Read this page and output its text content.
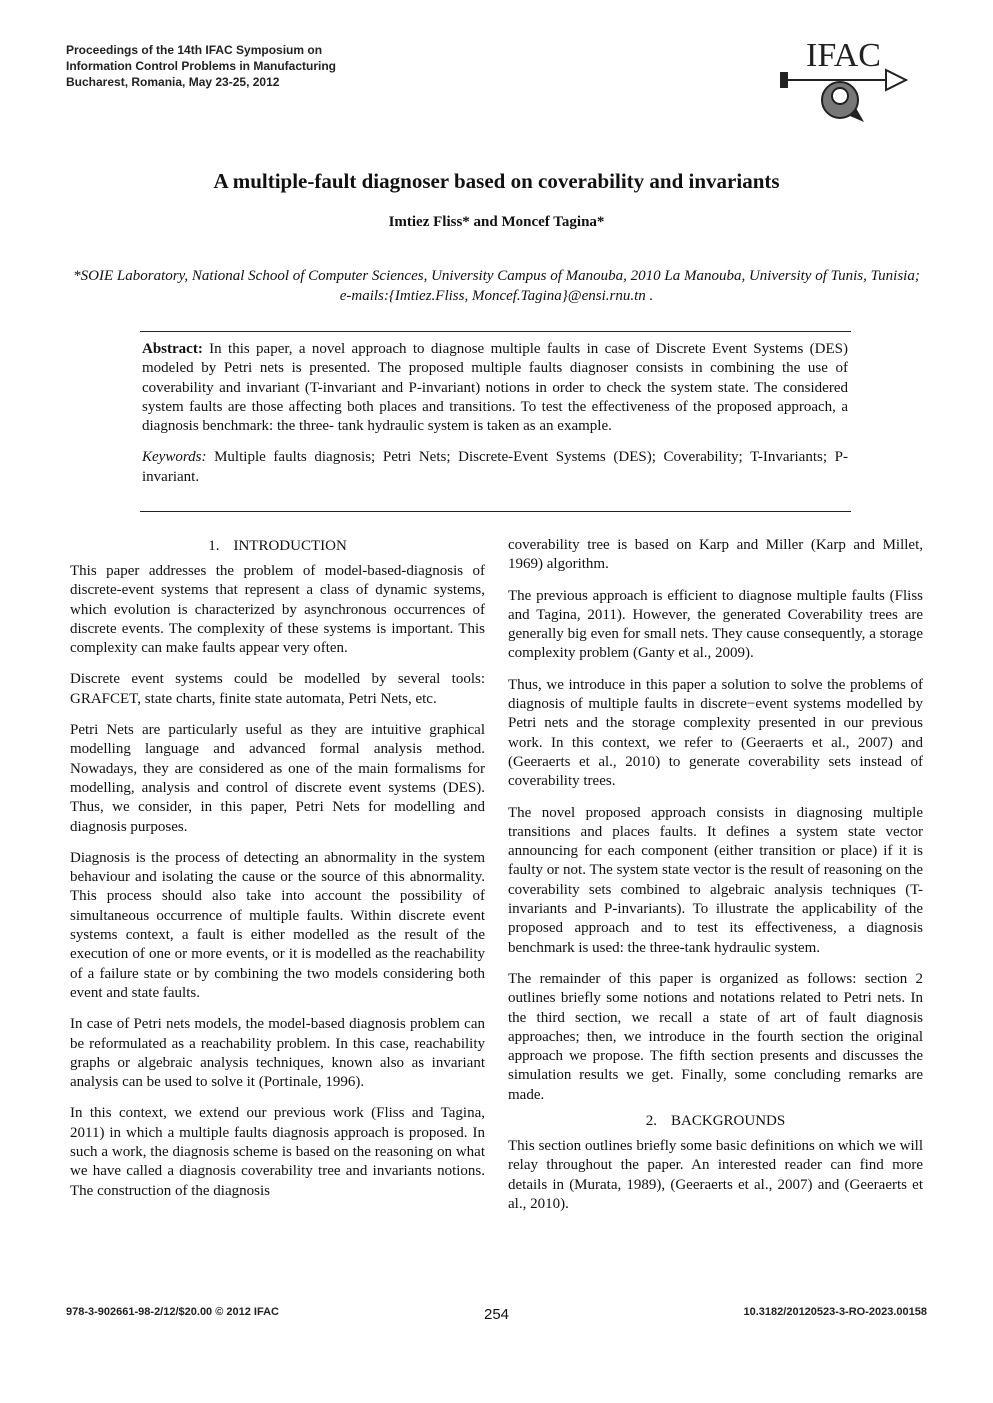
Proceedings of the 14th IFAC Symposium on
Information Control Problems in Manufacturing
Bucharest, Romania, May 23-25, 2012
IFAC
A multiple-fault diagnoser based on coverability and invariants
Imtiez Fliss* and Moncef Tagina*
*SOIE Laboratory, National School of Computer Sciences, University Campus of Manouba, 2010 La Manouba, University of Tunis, Tunisia; e-mails:{Imtiez.Fliss, Moncef.Tagina}@ensi.rnu.tn .

Abstract: In this paper, a novel approach to diagnose multiple faults in case of Discrete Event Systems (DES) modeled by Petri nets is presented. The proposed multiple faults diagnoser consists in combining the use of coverability and invariant (T-invariant and P-invariant) notions in order to check the system state. The considered system faults are those affecting both places and transitions. To test the effectiveness of the proposed approach, a diagnosis benchmark: the three- tank hydraulic system is taken as an example.

Keywords: Multiple faults diagnosis; Petri Nets; Discrete-Event Systems (DES); Coverability; T-Invariants; P-invariant.

1. INTRODUCTION

This paper addresses the problem of model-based-diagnosis of discrete-event systems that represent a class of dynamic systems, which evolution is characterized by asynchronous occurrences of discrete events. The complexity of these systems is important. This complexity can make faults appear very often.

Discrete event systems could be modelled by several tools: GRAFCET, state charts, finite state automata, Petri Nets, etc.

Petri Nets are particularly useful as they are intuitive graphical modelling language and advanced formal analysis method. Nowadays, they are considered as one of the main formalisms for modelling, analysis and control of discrete event systems (DES). Thus, we consider, in this paper, Petri Nets for modelling and diagnosis purposes.

Diagnosis is the process of detecting an abnormality in the system behaviour and isolating the cause or the source of this abnormality. This process should also take into account the possibility of simultaneous occurrence of multiple faults. Within discrete event systems context, a fault is either modelled as the result of the execution of one or more events, or it is modelled as the reachability of a failure state or by combining the two models considering both event and state faults.

In case of Petri nets models, the model-based diagnosis problem can be reformulated as a reachability problem. In this case, reachability graphs or algebraic analysis techniques, known also as invariant analysis can be used to solve it (Portinale, 1996).

In this context, we extend our previous work (Fliss and Tagina, 2011) in which a multiple faults diagnosis approach is proposed. In such a work, the diagnosis scheme is based on the reasoning on what we have called a diagnosis coverability tree and invariants notions. The construction of the diagnosis

coverability tree is based on Karp and Miller (Karp and Millet, 1969) algorithm.

The previous approach is efficient to diagnose multiple faults (Fliss and Tagina, 2011). However, the generated Coverability trees are generally big even for small nets. They cause consequently, a storage complexity problem (Ganty et al., 2009).

Thus, we introduce in this paper a solution to solve the problems of diagnosis of multiple faults in discrete−event systems modelled by Petri nets and the storage complexity presented in our previous work. In this context, we refer to (Geeraerts et al., 2007) and (Geeraerts et al., 2010) to generate coverability sets instead of coverability trees.

The novel proposed approach consists in diagnosing multiple transitions and places faults. It defines a system state vector announcing for each component (either transition or place) if it is faulty or not. The system state vector is the result of reasoning on the coverability sets combined to algebraic analysis techniques (T-invariants and P-invariants). To illustrate the applicability of the proposed approach and to test its effectiveness, a diagnosis benchmark is used: the three-tank hydraulic system.

The remainder of this paper is organized as follows: section 2 outlines briefly some notions and notations related to Petri nets. In the third section, we recall a state of art of fault diagnosis approaches; then, we introduce in the fourth section the original approach we propose. The fifth section presents and discusses the simulation results we get. Finally, some concluding remarks are made.

2. BACKGROUNDS

This section outlines briefly some basic definitions on which we will relay throughout the paper. An interested reader can find more details in (Murata, 1989), (Geeraerts et al., 2007) and (Geeraerts et al., 2010).

978-3-902661-98-2/12/$20.00 © 2012 IFAC	254	10.3182/20120523-3-RO-2023.00158
